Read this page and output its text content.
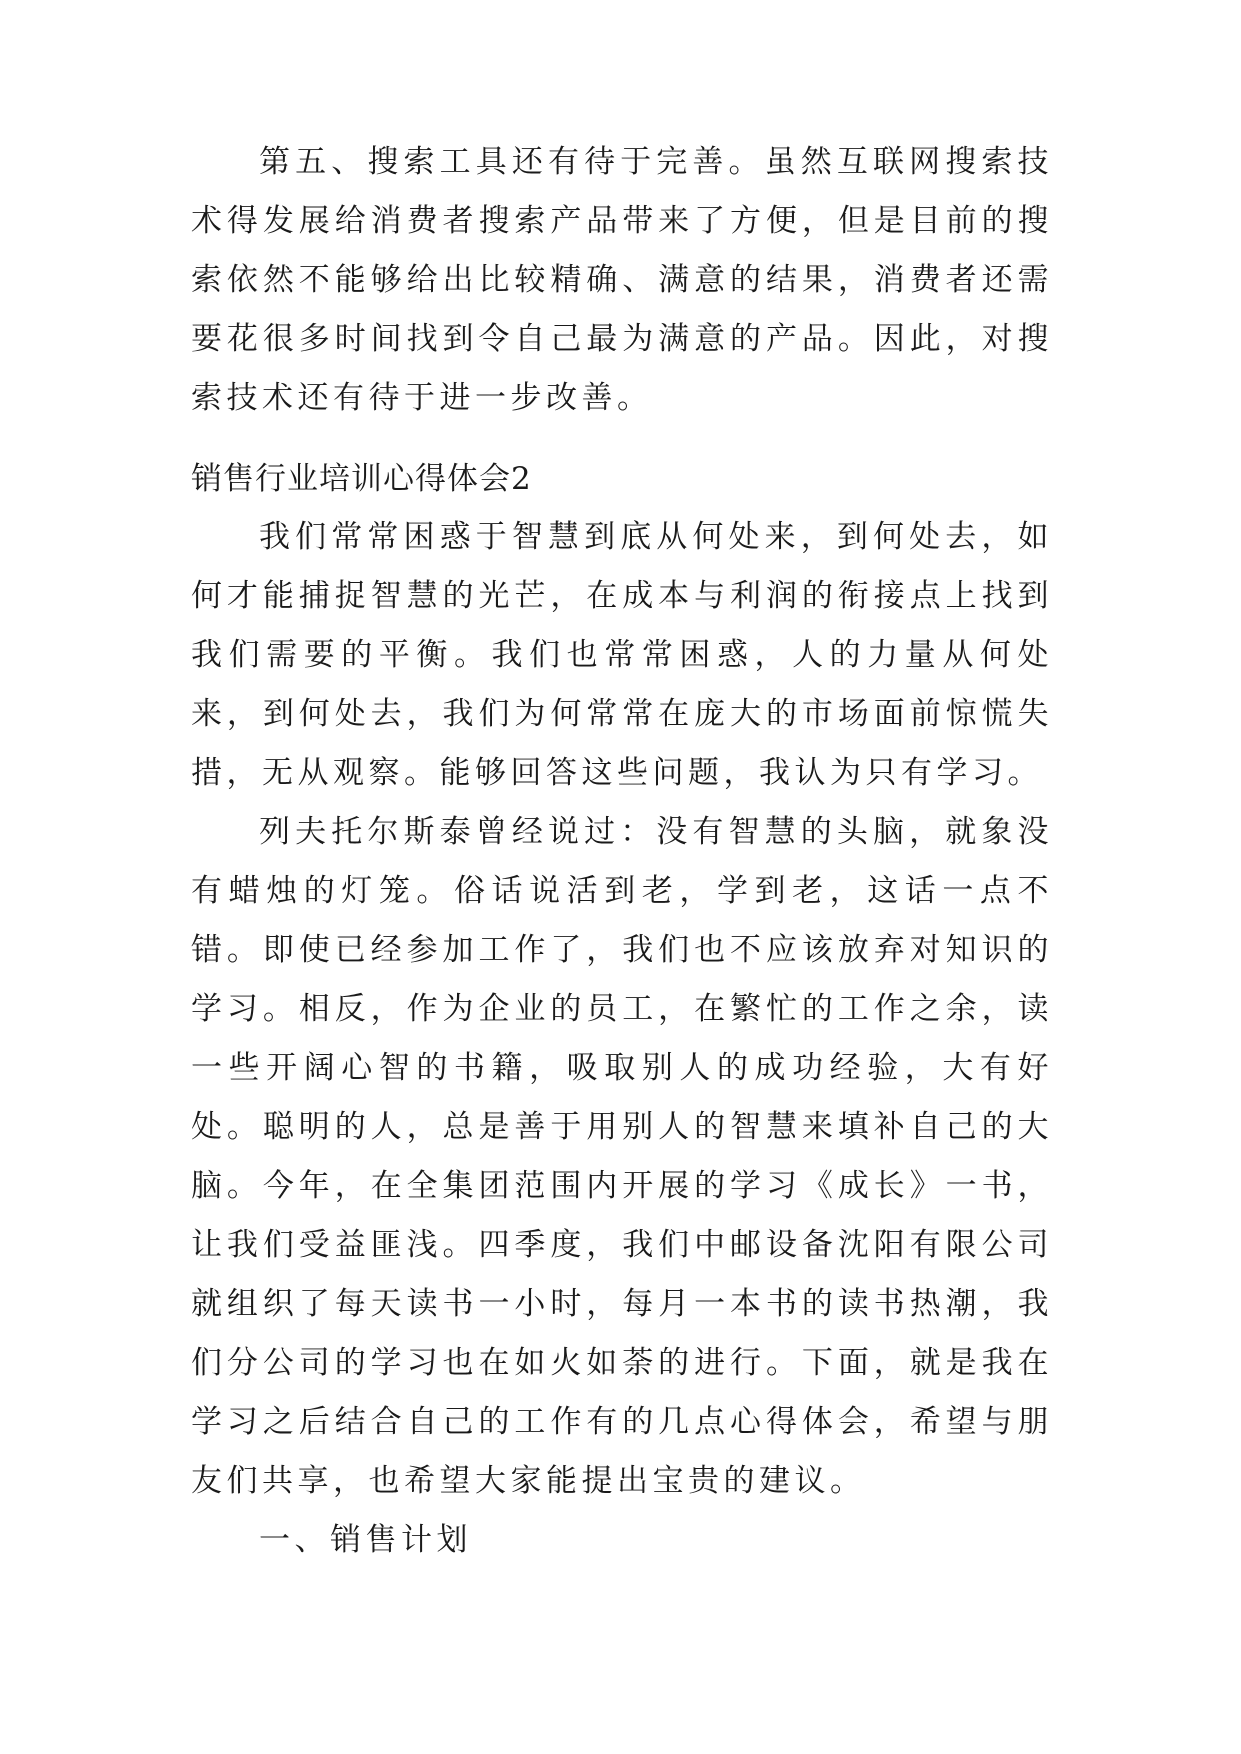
第五、搜索工具还有待于完善。虽然互联网搜索技术得发展给消费者搜索产品带来了方便，但是目前的搜索依然不能够给出比较精确、满意的结果，消费者还需要花很多时间找到令自己最为满意的产品。因此，对搜索技术还有待于进一步改善。

销售行业培训心得体会2

我们常常困惑于智慧到底从何处来，到何处去，如何才能捕捉智慧的光芒，在成本与利润的衔接点上找到我们需要的平衡。我们也常常困惑，人的力量从何处来，到何处去，我们为何常常在庞大的市场面前惊慌失措，无从观察。能够回答这些问题，我认为只有学习。

列夫托尔斯泰曾经说过：没有智慧的头脑，就象没有蜡烛的灯笼。俗话说活到老，学到老，这话一点不错。即使已经参加工作了，我们也不应该放弃对知识的学习。相反，作为企业的员工，在繁忙的工作之余，读一些开阔心智的书籍，吸取别人的成功经验，大有好处。聪明的人，总是善于用别人的智慧来填补自己的大脑。今年，在全集团范围内开展的学习《成长》一书，让我们受益匪浅。四季度，我们中邮设备沈阳有限公司就组织了每天读书一小时，每月一本书的读书热潮，我们分公司的学习也在如火如荼的进行。下面，就是我在学习之后结合自己的工作有的几点心得体会，希望与朋友们共享，也希望大家能提出宝贵的建议。

一、销售计划
